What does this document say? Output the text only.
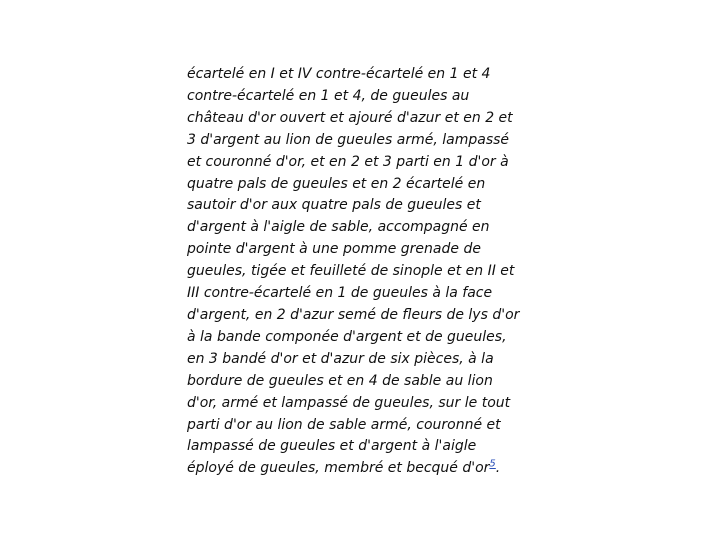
écartelé en I et IV contre-écartelé en 1 et 4
contre-écartelé en 1 et 4, de gueules au
château d'or ouvert et ajouré d'azur et en 2 et
3 d'argent au lion de gueules armé, lampassé
et couronné d'or, et en 2 et 3 parti en 1 d'or à
quatre pals de gueules et en 2 écartelé en
sautoir d'or aux quatre pals de gueules et
d'argent à l'aigle de sable, accompagné en
pointe d'argent à une pomme grenade de
gueules, tigée et feuilleté de sinople et en II et
III contre-écartelé en 1 de gueules à la face
d'argent, en 2 d'azur semé de fleurs de lys d'or
à la bande componée d'argent et de gueules,
en 3 bandé d'or et d'azur de six pièces, à la
bordure de gueules et en 4 de sable au lion
d'or, armé et lampassé de gueules, sur le tout
parti d'or au lion de sable armé, couronné et
lampassé de gueules et d'argent à l'aigle
éployé de gueules, membré et becqué d'or$^5$.
